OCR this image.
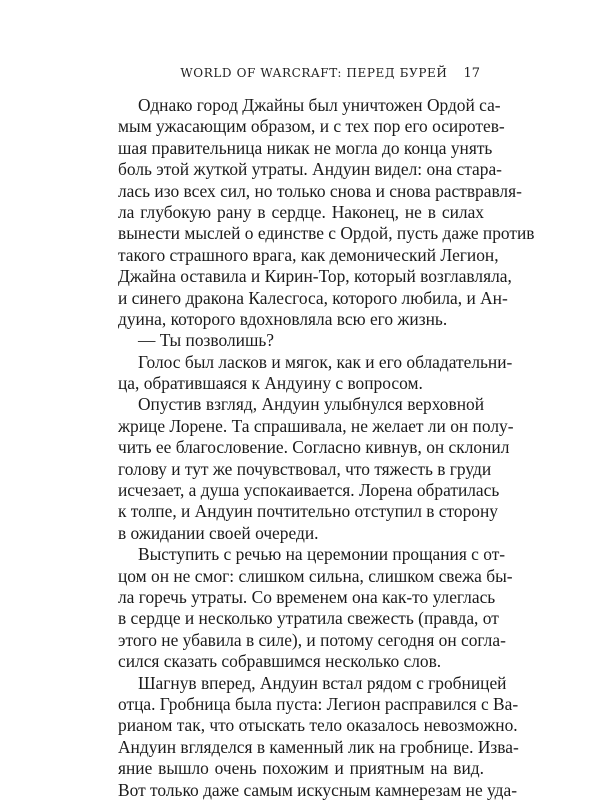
WORLD OF WARCRAFT: ПЕРЕД БУРЕЙ 17
Однако город Джайны был уничтожен Ордой са-
мым ужасающим образом, и с тех пор его осиротев-
шая правительница никак не могла до конца унять
боль этой жуткой утраты. Андуин видел: она стара-
лась изо всех сил, но только снова и снова раствравля-
ла глубокую рану в сердце. Наконец, не в силах
вынести мыслей о единстве с Ордой, пусть даже против
такого страшного врага, как демонический Легион,
Джайна оставила и Кирин-Тор, который возглавляла,
и синего дракона Калесгоса, которого любила, и Ан-
дуина, которого вдохновляла всю его жизнь.
— Ты позволишь?
Голос был ласков и мягок, как и его обладательни-
ца, обратившаяся к Андуину с вопросом.
Опустив взгляд, Андуин улыбнулся верховной
жрице Лорене. Та спрашивала, не желает ли он полу-
чить ее благословение. Согласно кивнув, он склонил
голову и тут же почувствовал, что тяжесть в груди
исчезает, а душа успокаивается. Лорена обратилась
к толпе, и Андуин почтительно отступил в сторону
в ожидании своей очереди.
Выступить с речью на церемонии прощания с от-
цом он не смог: слишком сильна, слишком свежа бы-
ла горечь утраты. Со временем она как-то улеглась
в сердце и несколько утратила свежесть (правда, от
этого не убавила в силе), и потому сегодня он согла-
сился сказать собравшимся несколько слов.
Шагнув вперед, Андуин встал рядом с гробницей
отца. Гробница была пуста: Легион расправился с Ва-
рианом так, что отыскать тело оказалось невозможно.
Андуин вгляделся в каменный лик на гробнице. Изва-
яние вышло очень похожим и приятным на вид.
Вот только даже самым искусным камнерезам не уда-
